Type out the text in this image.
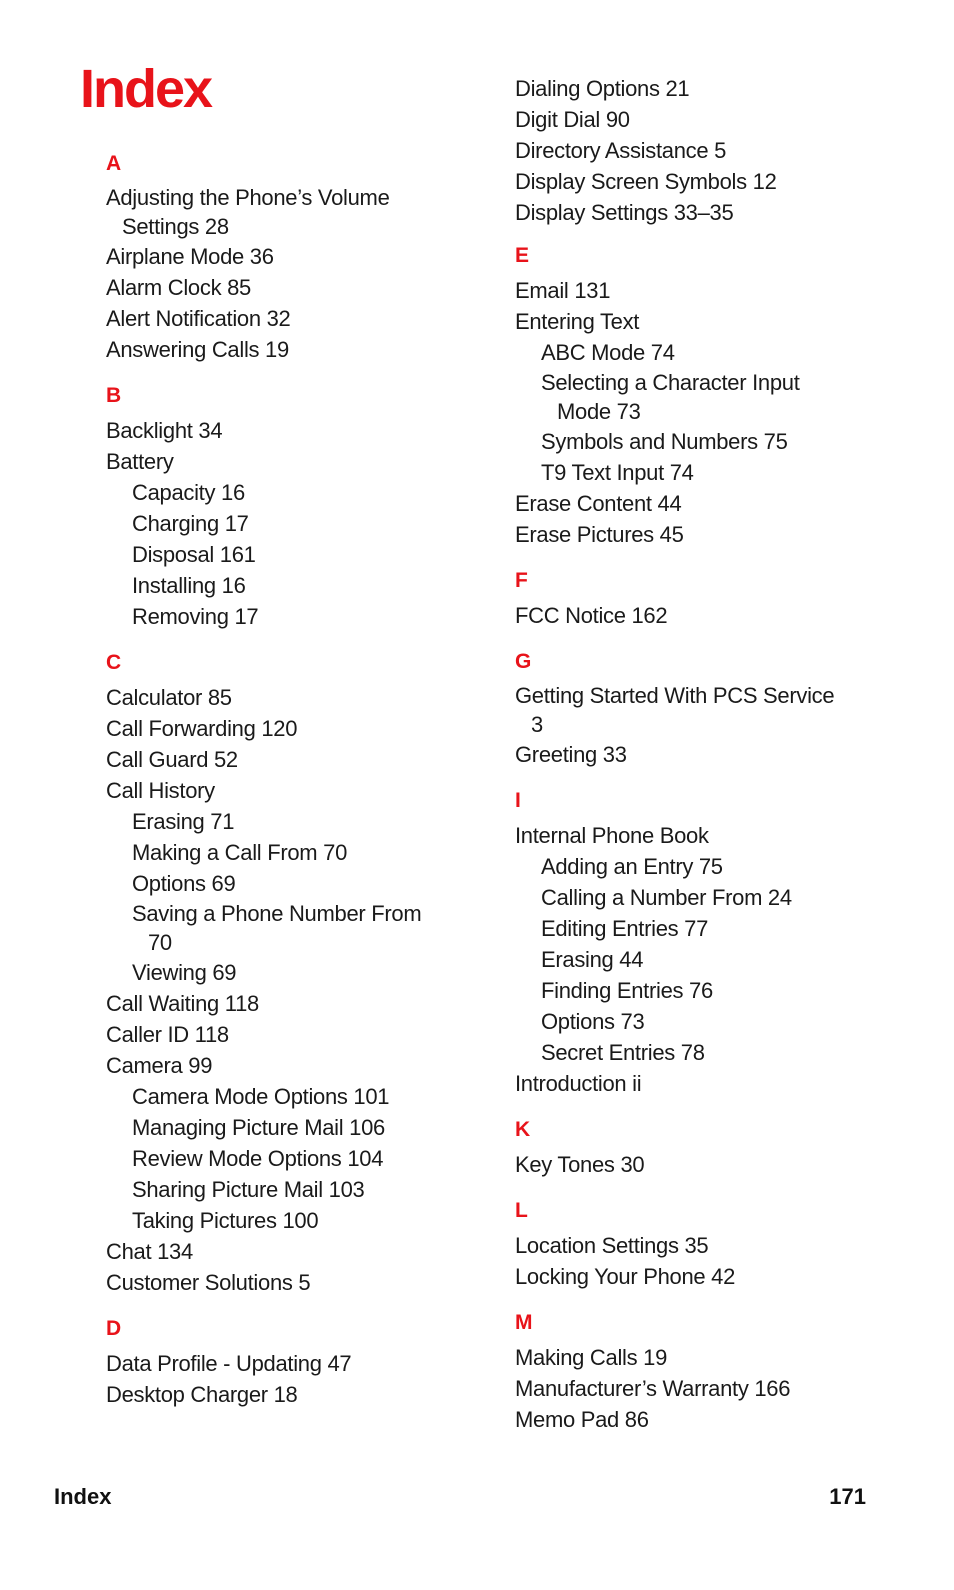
Index
A
Adjusting the Phone’s Volume
Settings 28
Airplane Mode 36
Alarm Clock 85
Alert Notification 32
Answering Calls 19
B
Backlight 34
Battery
Capacity 16
Charging 17
Disposal 161
Installing 16
Removing 17
C
Calculator 85
Call Forwarding 120
Call Guard 52
Call History
Erasing 71
Making a Call From 70
Options 69
Saving a Phone Number From
70
Viewing 69
Call Waiting 118
Caller ID 118
Camera 99
Camera Mode Options 101
Managing Picture Mail 106
Review Mode Options 104
Sharing Picture Mail 103
Taking Pictures 100
Chat 134
Customer Solutions 5
D
Data Profile - Updating 47
Desktop Charger 18
Dialing Options 21
Digit Dial 90
Directory Assistance 5
Display Screen Symbols 12
Display Settings 33–35
E
Email 131
Entering Text
ABC Mode 74
Selecting a Character Input
Mode 73
Symbols and Numbers 75
T9 Text Input 74
Erase Content 44
Erase Pictures 45
F
FCC Notice 162
G
Getting Started With PCS Service
3
Greeting 33
I
Internal Phone Book
Adding an Entry 75
Calling a Number From 24
Editing Entries 77
Erasing 44
Finding Entries 76
Options 73
Secret Entries 78
Introduction ii
K
Key Tones 30
L
Location Settings 35
Locking Your Phone 42
M
Making Calls 19
Manufacturer’s Warranty 166
Memo Pad 86
Index	171
